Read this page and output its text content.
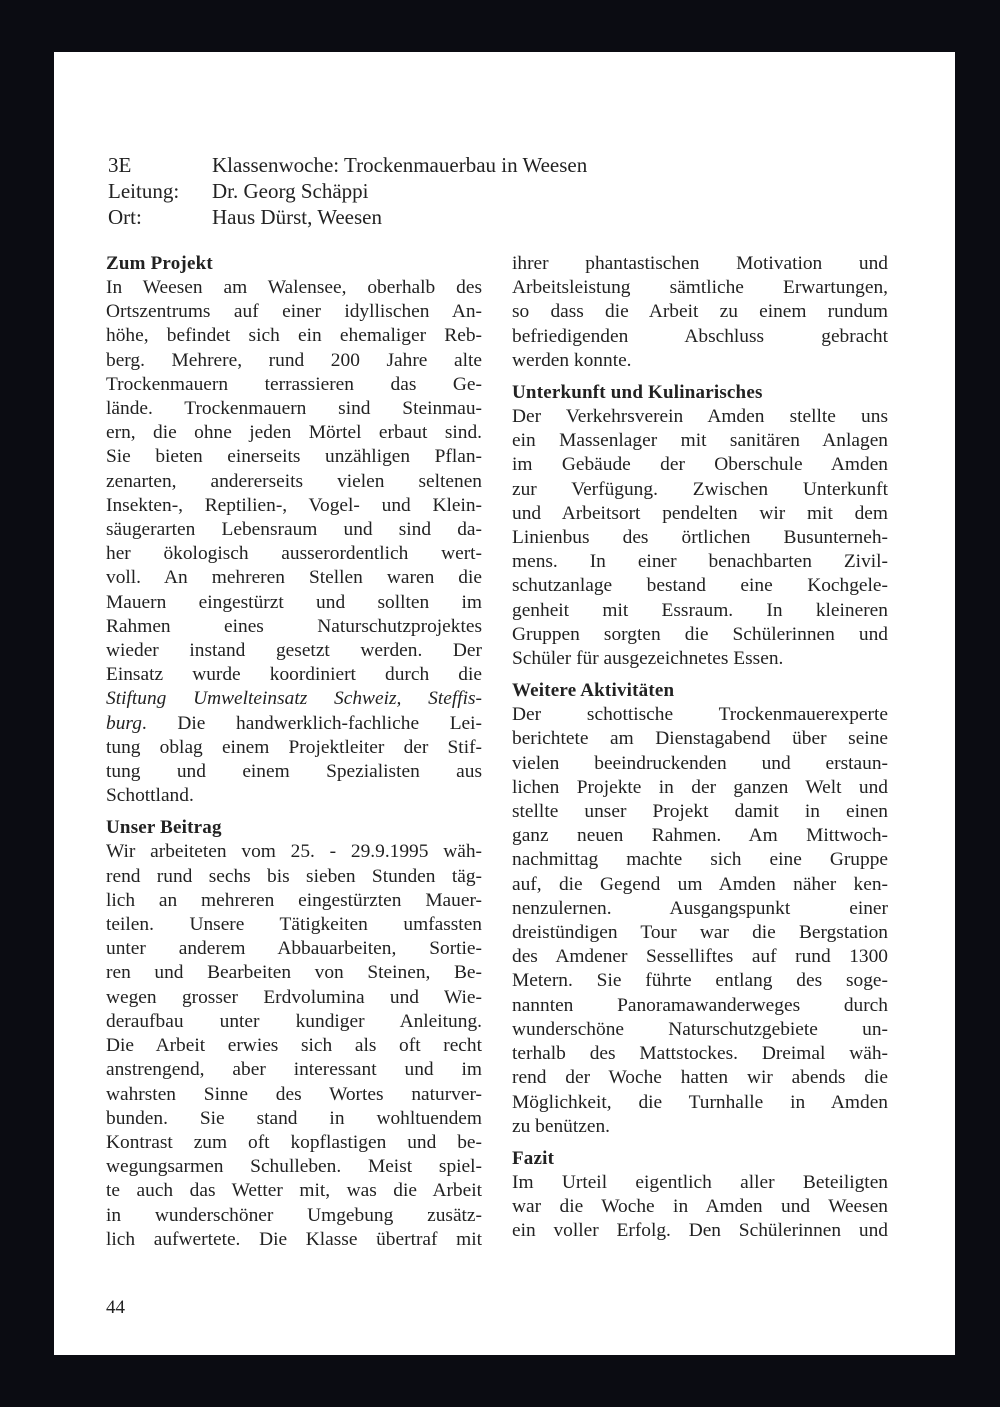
3E	Klassenwoche: Trockenmauerbau in Weesen
Leitung:	Dr. Georg Schäppi
Ort:	Haus Dürst, Weesen
Zum Projekt
In Weesen am Walensee, oberhalb des
Ortszentrums auf einer idyllischen An-
höhe, befindet sich ein ehemaliger Reb-
berg. Mehrere, rund 200 Jahre alte
Trockenmauern terrassieren das Ge-
lände. Trockenmauern sind Steinmau-
ern, die ohne jeden Mörtel erbaut sind.
Sie bieten einerseits unzähligen Pflan-
zenarten, andererseits vielen seltenen
Insekten-, Reptilien-, Vogel- und Klein-
säugerarten Lebensraum und sind da-
her ökologisch ausserordentlich wert-
voll. An mehreren Stellen waren die
Mauern eingestürzt und sollten im
Rahmen eines Naturschutzprojektes
wieder instand gesetzt werden. Der
Einsatz wurde koordiniert durch die
Stiftung Umwelteinsatz Schweiz, Steffis-
burg. Die handwerklich-fachliche Lei-
tung oblag einem Projektleiter der Stif-
tung und einem Spezialisten aus
Schottland.
Unser Beitrag
Wir arbeiteten vom 25. - 29.9.1995 wäh-
rend rund sechs bis sieben Stunden täg-
lich an mehreren eingestürzten Mauer-
teilen. Unsere Tätigkeiten umfassten
unter anderem Abbauarbeiten, Sortie-
ren und Bearbeiten von Steinen, Be-
wegen grosser Erdvolumina und Wie-
deraufbau unter kundiger Anleitung.
Die Arbeit erwies sich als oft recht
anstrengend, aber interessant und im
wahrsten Sinne des Wortes naturver-
bunden. Sie stand in wohltuendem
Kontrast zum oft kopflastigen und be-
wegungsarmen Schulleben. Meist spiel-
te auch das Wetter mit, was die Arbeit
in wunderschöner Umgebung zusätz-
lich aufwertete. Die Klasse übertraf mit
ihrer phantastischen Motivation und
Arbeitsleistung sämtliche Erwartungen,
so dass die Arbeit zu einem rundum
befriedigenden Abschluss gebracht
werden konnte.
Unterkunft und Kulinarisches
Der Verkehrsverein Amden stellte uns
ein Massenlager mit sanitären Anlagen
im Gebäude der Oberschule Amden
zur Verfügung. Zwischen Unterkunft
und Arbeitsort pendelten wir mit dem
Linienbus des örtlichen Busunterneh-
mens. In einer benachbarten Zivil-
schutzanlage bestand eine Kochgele-
genheit mit Essraum. In kleineren
Gruppen sorgten die Schülerinnen und
Schüler für ausgezeichnetes Essen.
Weitere Aktivitäten
Der schottische Trockenmauerexperte
berichtete am Dienstagabend über seine
vielen beeindruckenden und erstaun-
lichen Projekte in der ganzen Welt und
stellte unser Projekt damit in einen
ganz neuen Rahmen. Am Mittwoch-
nachmittag machte sich eine Gruppe
auf, die Gegend um Amden näher ken-
nenzulernen. Ausgangspunkt einer
dreistündigen Tour war die Bergstation
des Amdener Sesselliftes auf rund 1300
Metern. Sie führte entlang des soge-
nannten Panoramawanderweges durch
wunderschöne Naturschutzgebiete un-
terhalb des Mattstockes. Dreimal wäh-
rend der Woche hatten wir abends die
Möglichkeit, die Turnhalle in Amden
zu benützen.
Fazit
Im Urteil eigentlich aller Beteiligten
war die Woche in Amden und Weesen
ein voller Erfolg. Den Schülerinnen und
44
